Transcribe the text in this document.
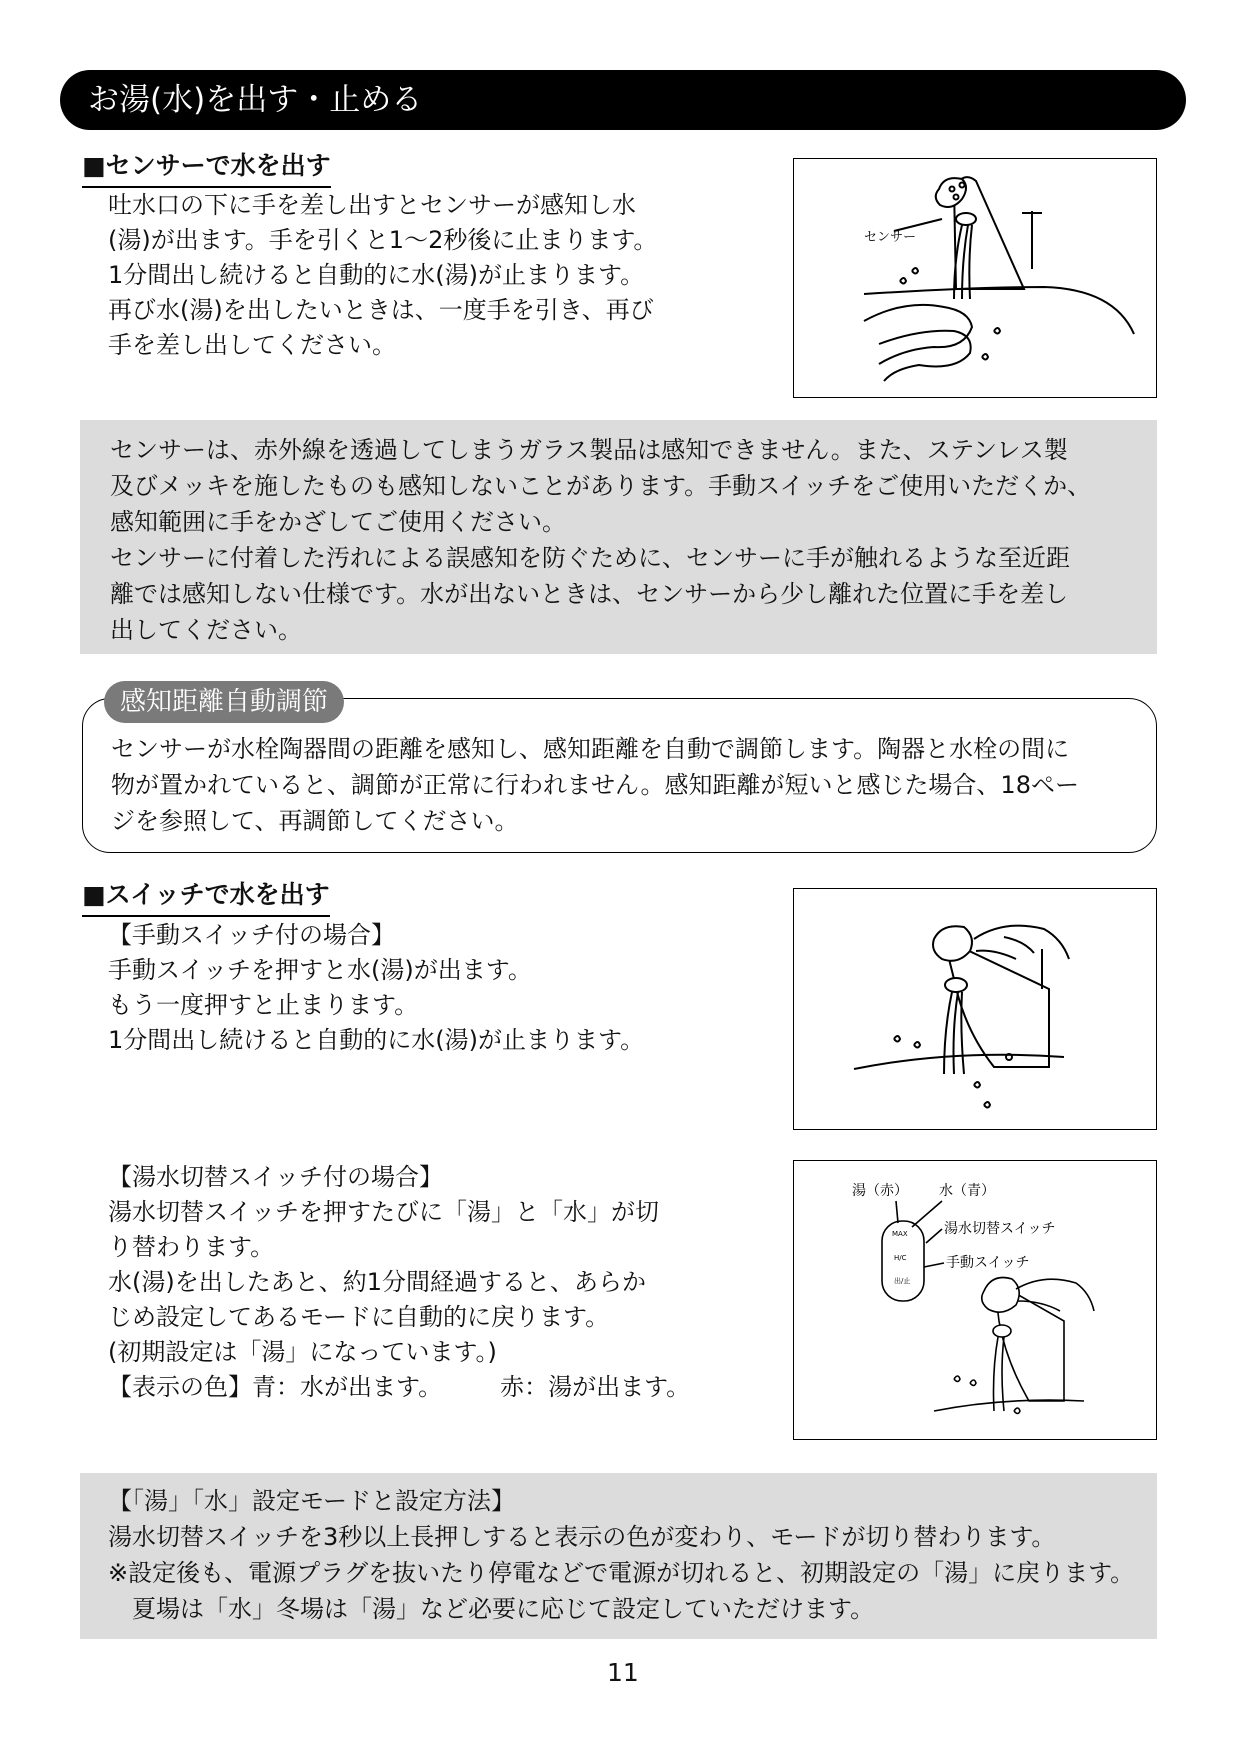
お湯(水)を出す・止める
■センサーで水を出す
吐水口の下に手を差し出すとセンサーが感知し水
(湯)が出ます。手を引くと1～2秒後に止まります。
1分間出し続けると自動的に水(湯)が止まります。
再び水(湯)を出したいときは、一度手を引き、再び
手を差し出してください。
センサー
センサーは、赤外線を透過してしまうガラス製品は感知できません。また、ステンレス製
及びメッキを施したものも感知しないことがあります。手動スイッチをご使用いただくか、
感知範囲に手をかざしてご使用ください。
センサーに付着した汚れによる誤感知を防ぐために、センサーに手が触れるような至近距
離では感知しない仕様です。水が出ないときは、センサーから少し離れた位置に手を差し
出してください。
センサーが水栓陶器間の距離を感知し、感知距離を自動で調節します。陶器と水栓の間に
物が置かれていると、調節が正常に行われません。感知距離が短いと感じた場合、18ペー
ジを参照して、再調節してください。
感知距離自動調節
■スイッチで水を出す
【手動スイッチ付の場合】
手動スイッチを押すと水(湯)が出ます。
もう一度押すと止まります。
1分間出し続けると自動的に水(湯)が止まります。
【湯水切替スイッチ付の場合】
湯水切替スイッチを押すたびに「湯」と「水」が切
り替わります。
水(湯)を出したあと、約1分間経過すると、あらか
じめ設定してあるモードに自動的に戻ります。
(初期設定は「湯」になっています。)
【表示の色】青：水が出ます。 赤：湯が出ます。
湯（赤） 水（青）
湯水切替スイッチ
手動スイッチ
MAX
H/C
出/止
【「湯」「水」設定モードと設定方法】
湯水切替スイッチを3秒以上長押しすると表示の色が変わり、モードが切り替わります。
※設定後も、電源プラグを抜いたり停電などで電源が切れると、初期設定の「湯」に戻ります。
　夏場は「水」冬場は「湯」など必要に応じて設定していただけます。
11
